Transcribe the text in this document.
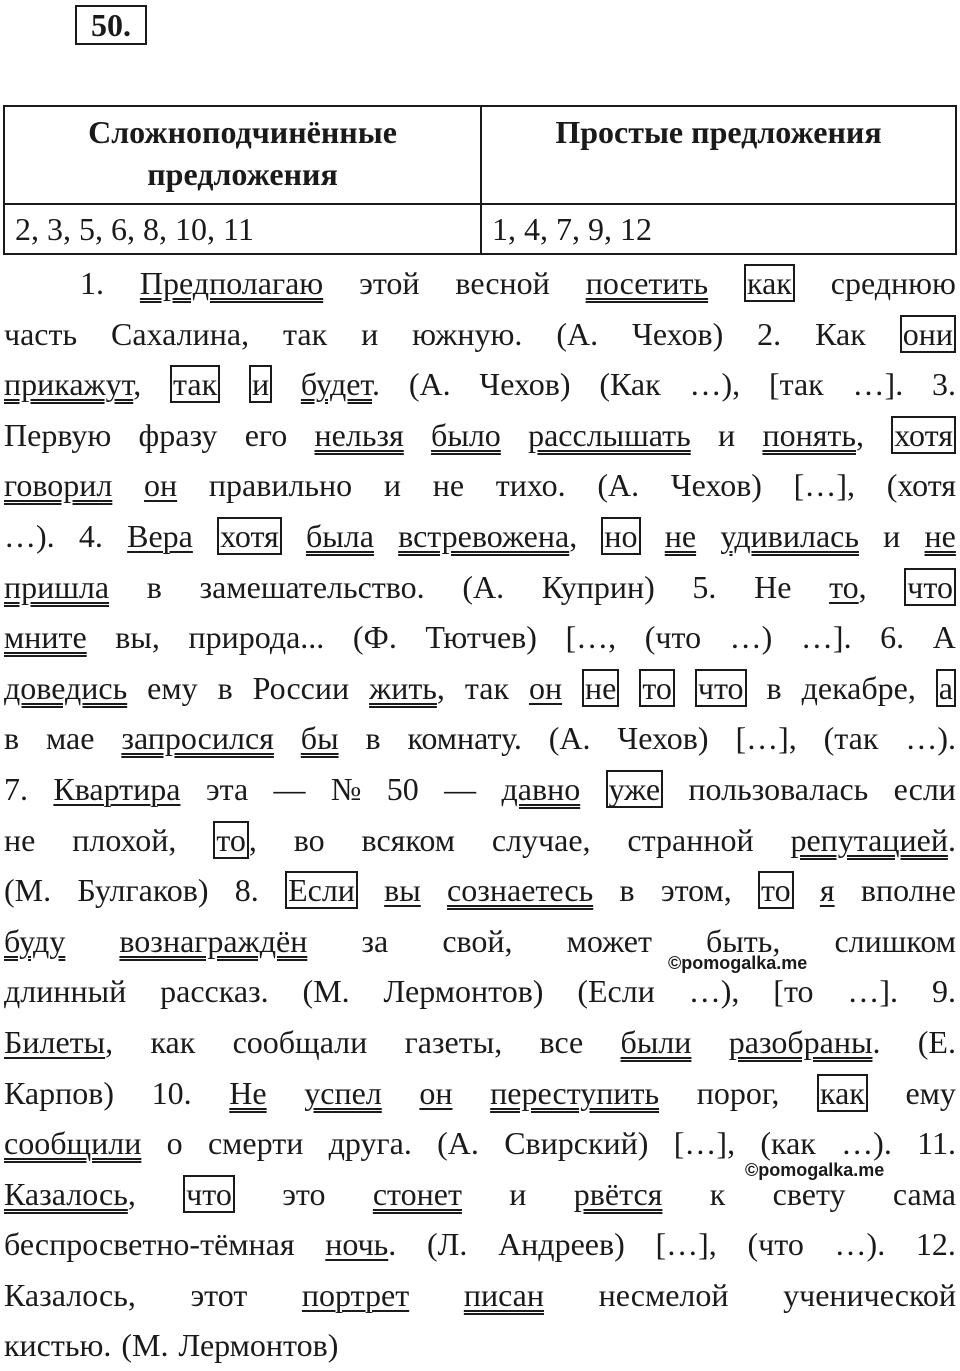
50.
Сложноподчинённые предложения	Простые предложения
2, 3, 5, 6, 8, 10, 11	1, 4, 7, 9, 12
1. Предполагаю этой весной посетить как среднюю
часть Сахалина, так и южную. (А. Чехов) 2. Как они
прикажут, так и будет. (А. Чехов) (Как …), [так …]. 3.
Первую фразу его нельзя было расслышать и понять, хотя
говорил он правильно и не тихо. (А. Чехов) […], (хотя
…). 4. Вера хотя была встревожена, но не удивилась и не
пришла в замешательство. (А. Куприн) 5. Не то, что
мните вы, природа... (Ф. Тютчев) […, (что …) …]. 6. А
доведись ему в России жить, так он не то что в декабре, а
в мае запросился бы в комнату. (А. Чехов) […], (так …).
7. Квартира эта — № 50 — давно уже пользовалась если
не плохой, то, во всяком случае, странной репутацией.
(М. Булгаков) 8. Если вы сознаетесь в этом, то я вполне
буду вознаграждён за свой, может быть, слишком
длинный рассказ. (М. Лермонтов) (Если …), [то …]. 9.
Билеты, как сообщали газеты, все были разобраны. (Е.
Карпов) 10. Не успел он переступить порог, как ему
сообщили о смерти друга. (А. Свирский) […], (как …). 11.
Казалось, что это стонет и рвётся к свету сама
беспросветно-тёмная ночь. (Л. Андреев) […], (что …). 12.
Казалось, этот портрет писан несмелой ученической
кистью. (М. Лермонтов)
©pomogalka.me
©pomogalka.me
